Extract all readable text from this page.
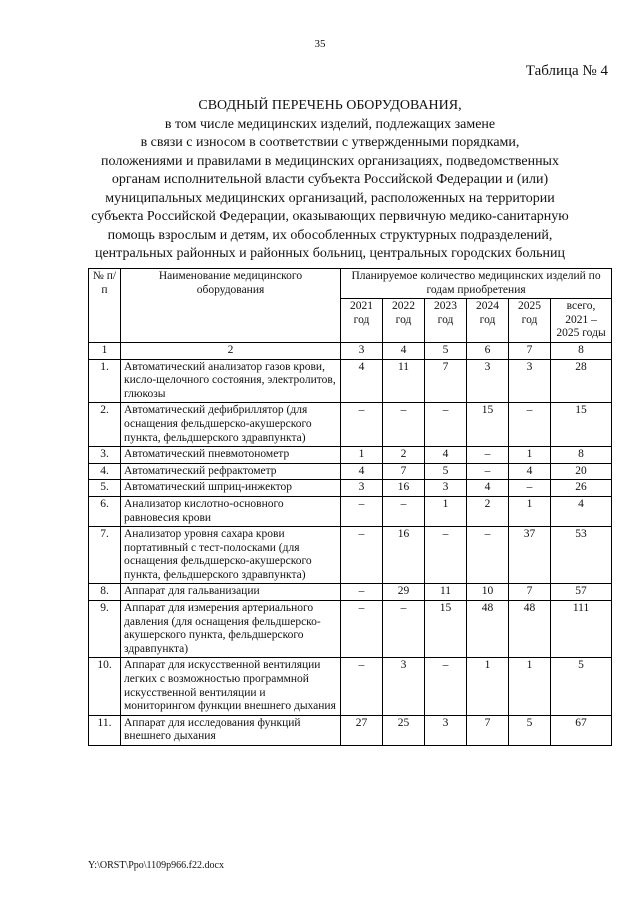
35
Таблица № 4
СВОДНЫЙ ПЕРЕЧЕНЬ ОБОРУДОВАНИЯ,
в том числе медицинских изделий, подлежащих замене
в связи с износом в соответствии с утвержденными порядками,
положениями и правилами в медицинских организациях, подведомственных
органам исполнительной власти субъекта Российской Федерации и (или)
муниципальных медицинских организаций, расположенных на территории
субъекта Российской Федерации, оказывающих первичную медико-санитарную
помощь взрослым и детям, их обособленных структурных подразделений,
центральных районных и районных больниц, центральных городских больниц
№ п/п	Наименование медицинского оборудования	Планируемое количество медицинских изделий по годам приобретения					
		2021 год	2022 год	2023 год	2024 год	2025 год	всего, 2021 – 2025 годы
1	2	3	4	5	6	7	8
1.	Автоматический анализатор газов крови, кисло-щелочного состояния, электролитов, глюкозы	4	11	7	3	3	28
2.	Автоматический дефибриллятор (для оснащения фельдшерско-акушерского пункта, фельдшерского здравпункта)	–	–	–	15	–	15
3.	Автоматический пневмотонометр	1	2	4	–	1	8
4.	Автоматический рефрактометр	4	7	5	–	4	20
5.	Автоматический шприц-инжектор	3	16	3	4	–	26
6.	Анализатор кислотно-основного равновесия крови	–	–	1	2	1	4
7.	Анализатор уровня сахара крови портативный с тест-полосками (для оснащения фельдшерско-акушерского пункта, фельдшерского здравпункта)	–	16	–	–	37	53
8.	Аппарат для гальванизации	–	29	11	10	7	57
9.	Аппарат для измерения артериального давления (для оснащения фельдшерско-акушерского пункта, фельдшерского здравпункта)	–	–	15	48	48	111
10.	Аппарат для искусственной вентиляции легких с возможностью программной искусственной вентиляции и мониторингом функции внешнего дыхания	–	3	–	1	1	5
11.	Аппарат для исследования функций внешнего дыхания	27	25	3	7	5	67
Y:\ORST\Ppo\1109p966.f22.docx
